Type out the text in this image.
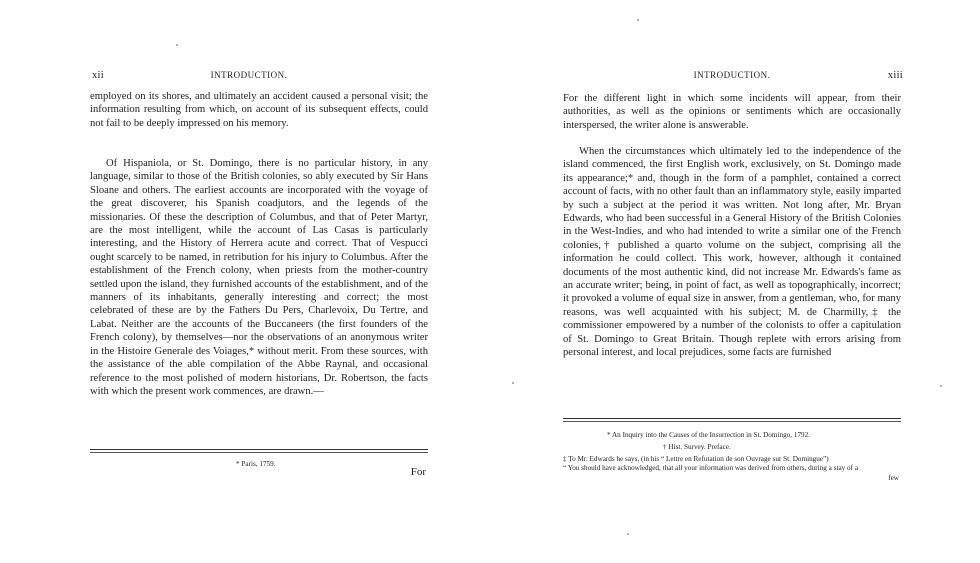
xii	INTRODUCTION.
employed on its shores, and ultimately an accident caused a personal visit; the information resulting from which, on account of its subsequent effects, could not fail to be deeply impressed on his memory.
Of Hispaniola, or St. Domingo, there is no particular history, in any language, similar to those of the British colonies, so ably executed by Sir Hans Sloane and others. The earliest accounts are incorporated with the voyage of the great discoverer, his Spanish coadjutors, and the legends of the missionaries. Of these the description of Columbus, and that of Peter Martyr, are the most intelligent, while the account of Las Casas is particularly interesting, and the History of Herrera acute and correct. That of Vespucci ought scarcely to be named, in retribution for his injury to Columbus. After the establishment of the French colony, when priests from the mother-country settled upon the island, they furnished accounts of the establishment, and of the manners of its inhabitants, generally interesting and correct; the most celebrated of these are by the Fathers Du Pers, Charlevoix, Du Tertre, and Labat. Neither are the accounts of the Buccaneers (the first founders of the French colony), by themselves—nor the observations of an anonymous writer in the Histoire Generale des Voiages,* without merit. From these sources, with the assistance of the able compilation of the Abbe Raynal, and occasional reference to the most polished of modern historians, Dr. Robertson, the facts with which the present work commences, are drawn.—
* Paris, 1759.
For
INTRODUCTION.	xiii
For the different light in which some incidents will appear, from their authorities, as well as the opinions or sentiments which are occasionally interspersed, the writer alone is answerable.
When the circumstances which ultimately led to the independence of the island commenced, the first English work, exclusively, on St. Domingo made its appearance;* and, though in the form of a pamphlet, contained a correct account of facts, with no other fault than an inflammatory style, easily imparted by such a subject at the period it was written. Not long after, Mr. Bryan Edwards, who had been successful in a General History of the British Colonies in the West-Indies, and who had intended to write a similar one of the French colonies,† published a quarto volume on the subject, comprising all the information he could collect. This work, however, although it contained documents of the most authentic kind, did not increase Mr. Edwards's fame as an accurate writer; being, in point of fact, as well as topographically, incorrect; it provoked a volume of equal size in answer, from a gentleman, who, for many reasons, was well acquainted with his subject; M. de Charmilly,‡ the commissioner empowered by a number of the colonists to offer a capitulation of St. Domingo to Great Britain. Though replete with errors arising from personal interest, and local prejudices, some facts are furnished
* An Inquiry into the Causes of the Insurrection in St. Domingo, 1792.
† Hist. Survey. Preface.
‡ To Mr. Edwards he says, (in his “ Lettre en Refutation de son Ouvrage sur St. Domingue”)
“ You should have acknowledged, that all your information was derived from others, during a stay of a
few
